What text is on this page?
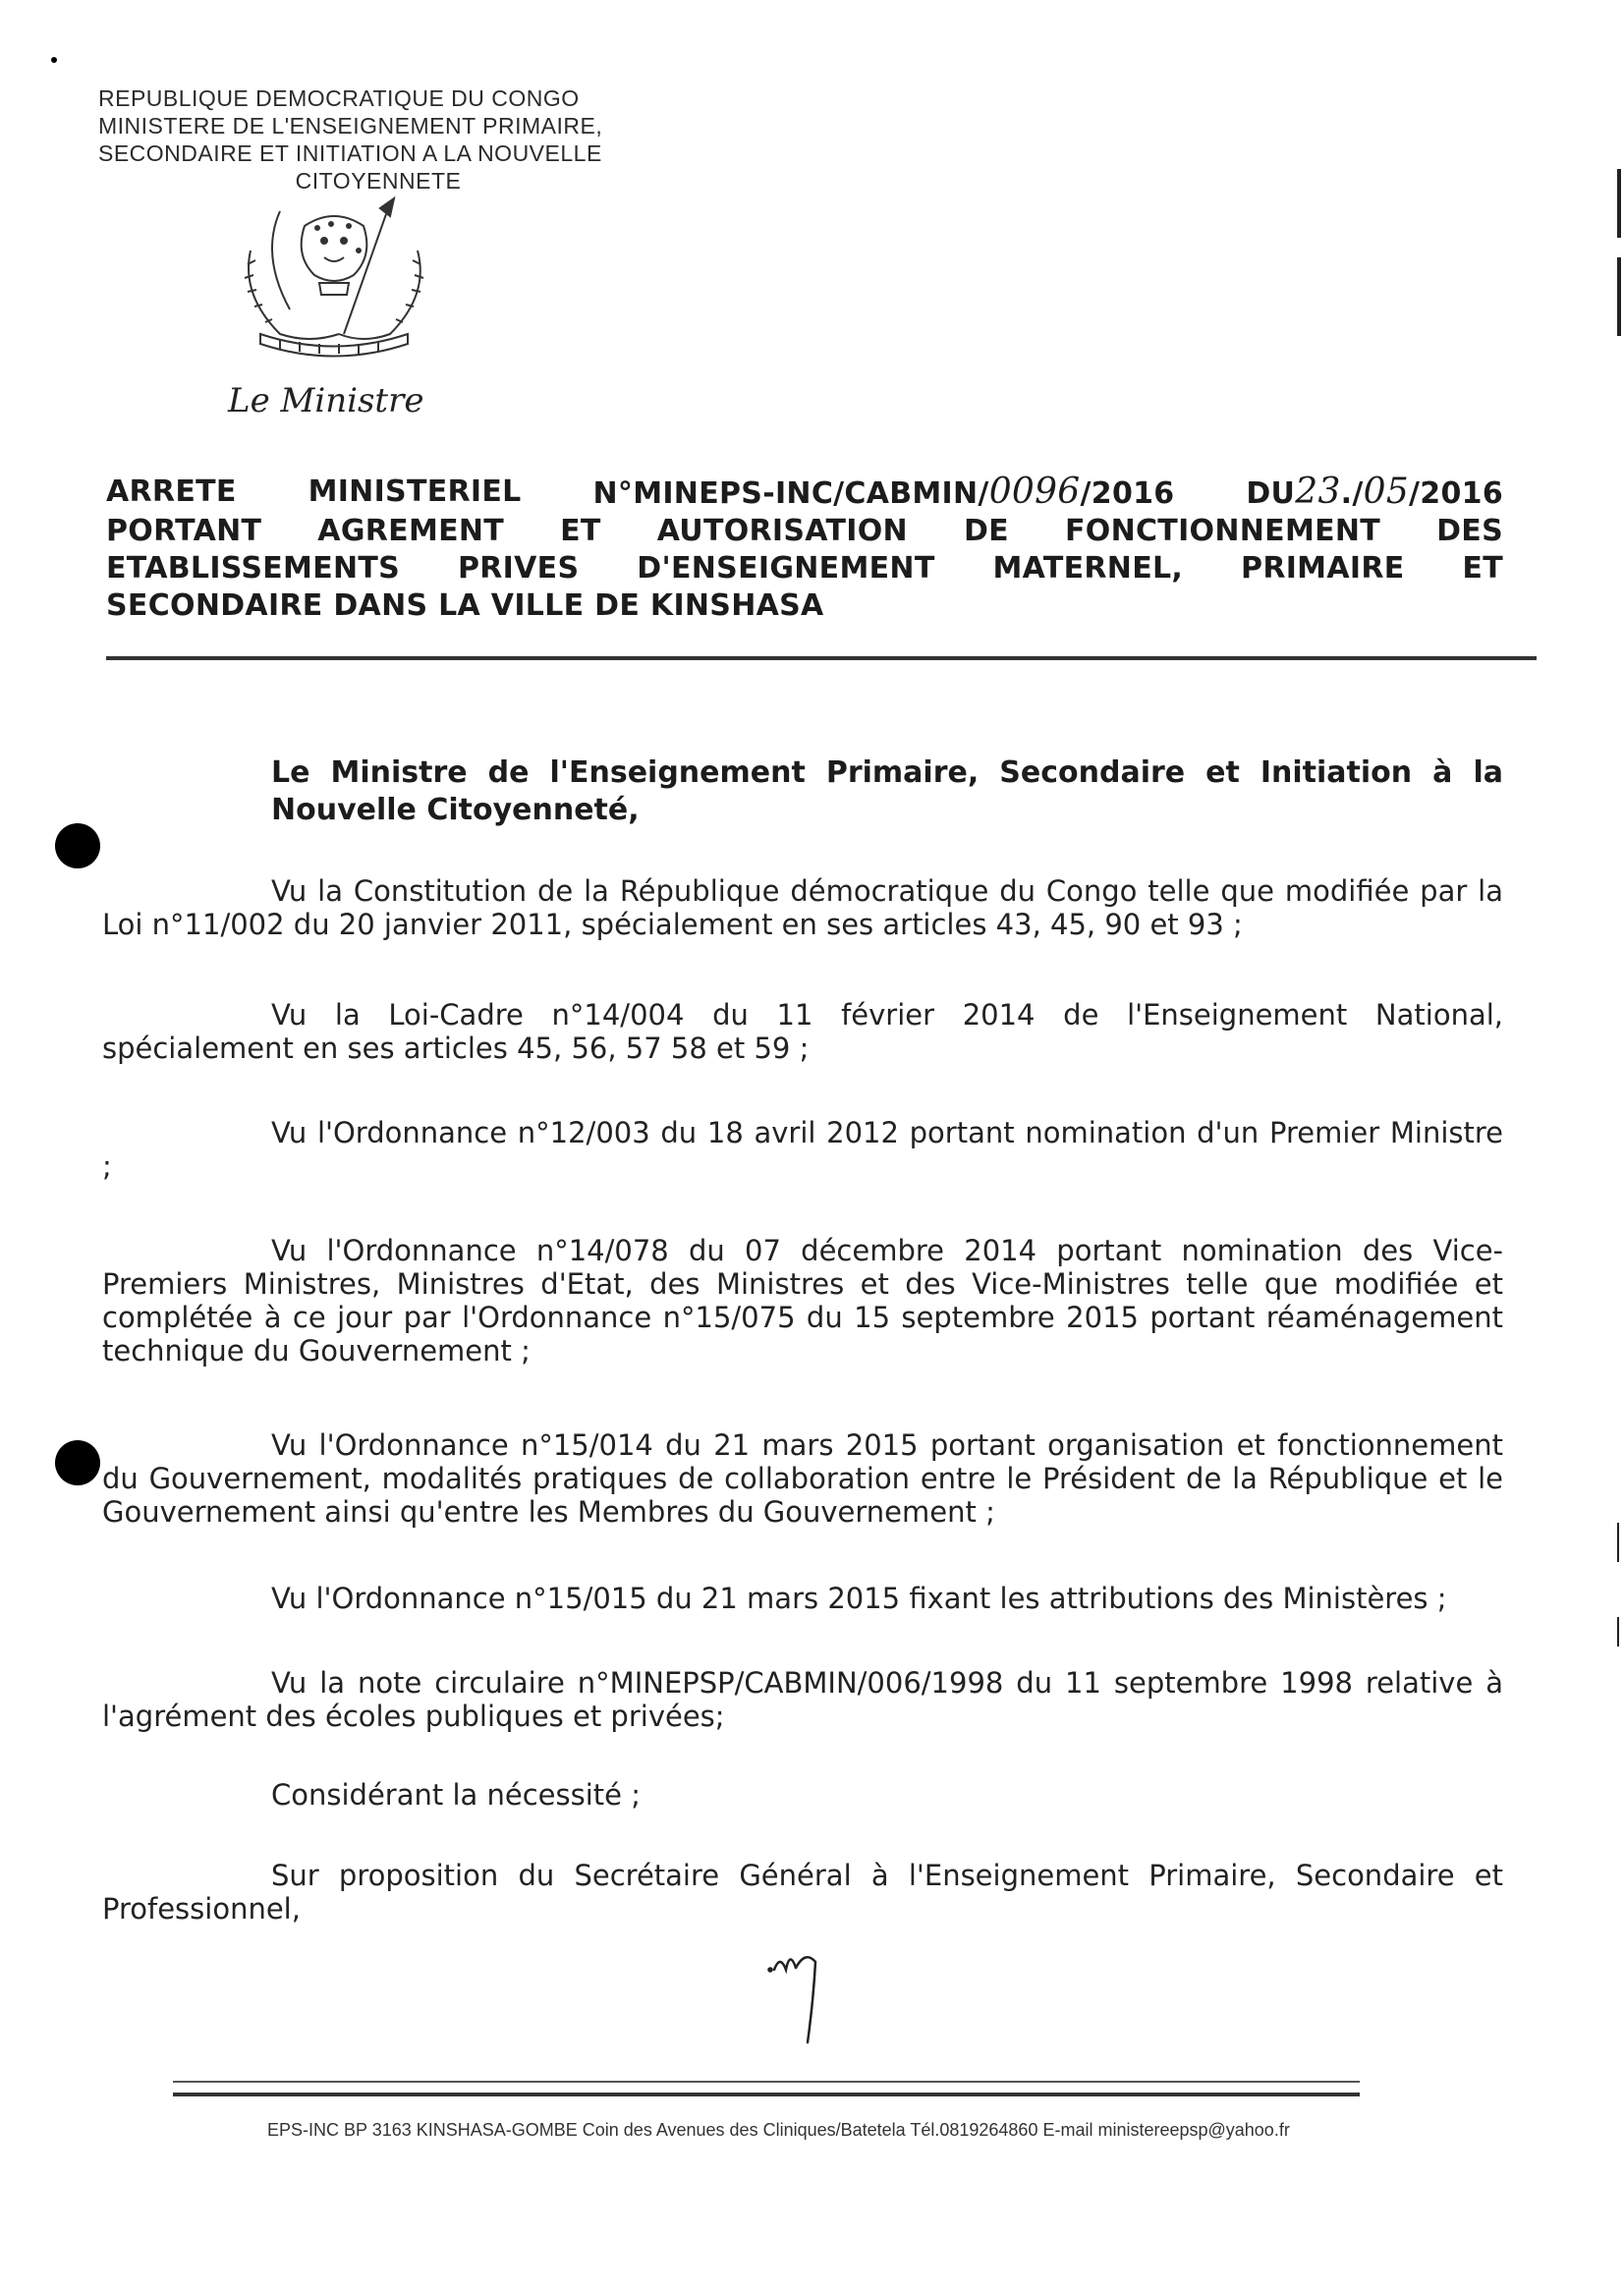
REPUBLIQUE DEMOCRATIQUE DU CONGO
MINISTERE DE L'ENSEIGNEMENT PRIMAIRE,
SECONDAIRE ET INITIATION A LA NOUVELLE
CITOYENNETE
Le Ministre
ARRETE MINISTERIEL N°MINEPS-INC/CABMIN/0096/2016 DU23./05/2016
PORTANT AGREMENT ET AUTORISATION DE FONCTIONNEMENT DES
ETABLISSEMENTS PRIVES D'ENSEIGNEMENT MATERNEL, PRIMAIRE ET
SECONDAIRE DANS LA VILLE DE KINSHASA
Le Ministre de l'Enseignement Primaire, Secondaire et Initiation à la Nouvelle Citoyenneté,
Vu la Constitution de la République démocratique du Congo telle que modifiée par la Loi n°11/002 du 20 janvier 2011, spécialement en ses articles 43, 45, 90 et 93 ;
Vu la Loi-Cadre n°14/004 du 11 février 2014 de l'Enseignement National, spécialement en ses articles 45, 56, 57 58 et 59 ;
Vu l'Ordonnance n°12/003 du 18 avril 2012 portant nomination d'un Premier Ministre ;
Vu l'Ordonnance n°14/078 du 07 décembre 2014 portant nomination des Vice-Premiers Ministres, Ministres d'Etat, des Ministres et des Vice-Ministres telle que modifiée et complétée à ce jour par l'Ordonnance n°15/075 du 15 septembre 2015 portant réaménagement technique du Gouvernement ;
Vu l'Ordonnance n°15/014 du 21 mars 2015 portant organisation et fonctionnement du Gouvernement, modalités pratiques de collaboration entre le Président de la République et le Gouvernement ainsi qu'entre les Membres du Gouvernement ;
Vu l'Ordonnance n°15/015 du 21 mars 2015 fixant les attributions des Ministères ;
Vu la note circulaire n°MINEPSP/CABMIN/006/1998 du 11 septembre 1998 relative à l'agrément des écoles publiques et privées;
Considérant la nécessité ;
Sur proposition du Secrétaire Général à l'Enseignement Primaire, Secondaire et Professionnel,
EPS-INC BP 3163 KINSHASA-GOMBE Coin des Avenues des Cliniques/Batetela Tél.0819264860 E-mail ministereepsp@yahoo.fr
